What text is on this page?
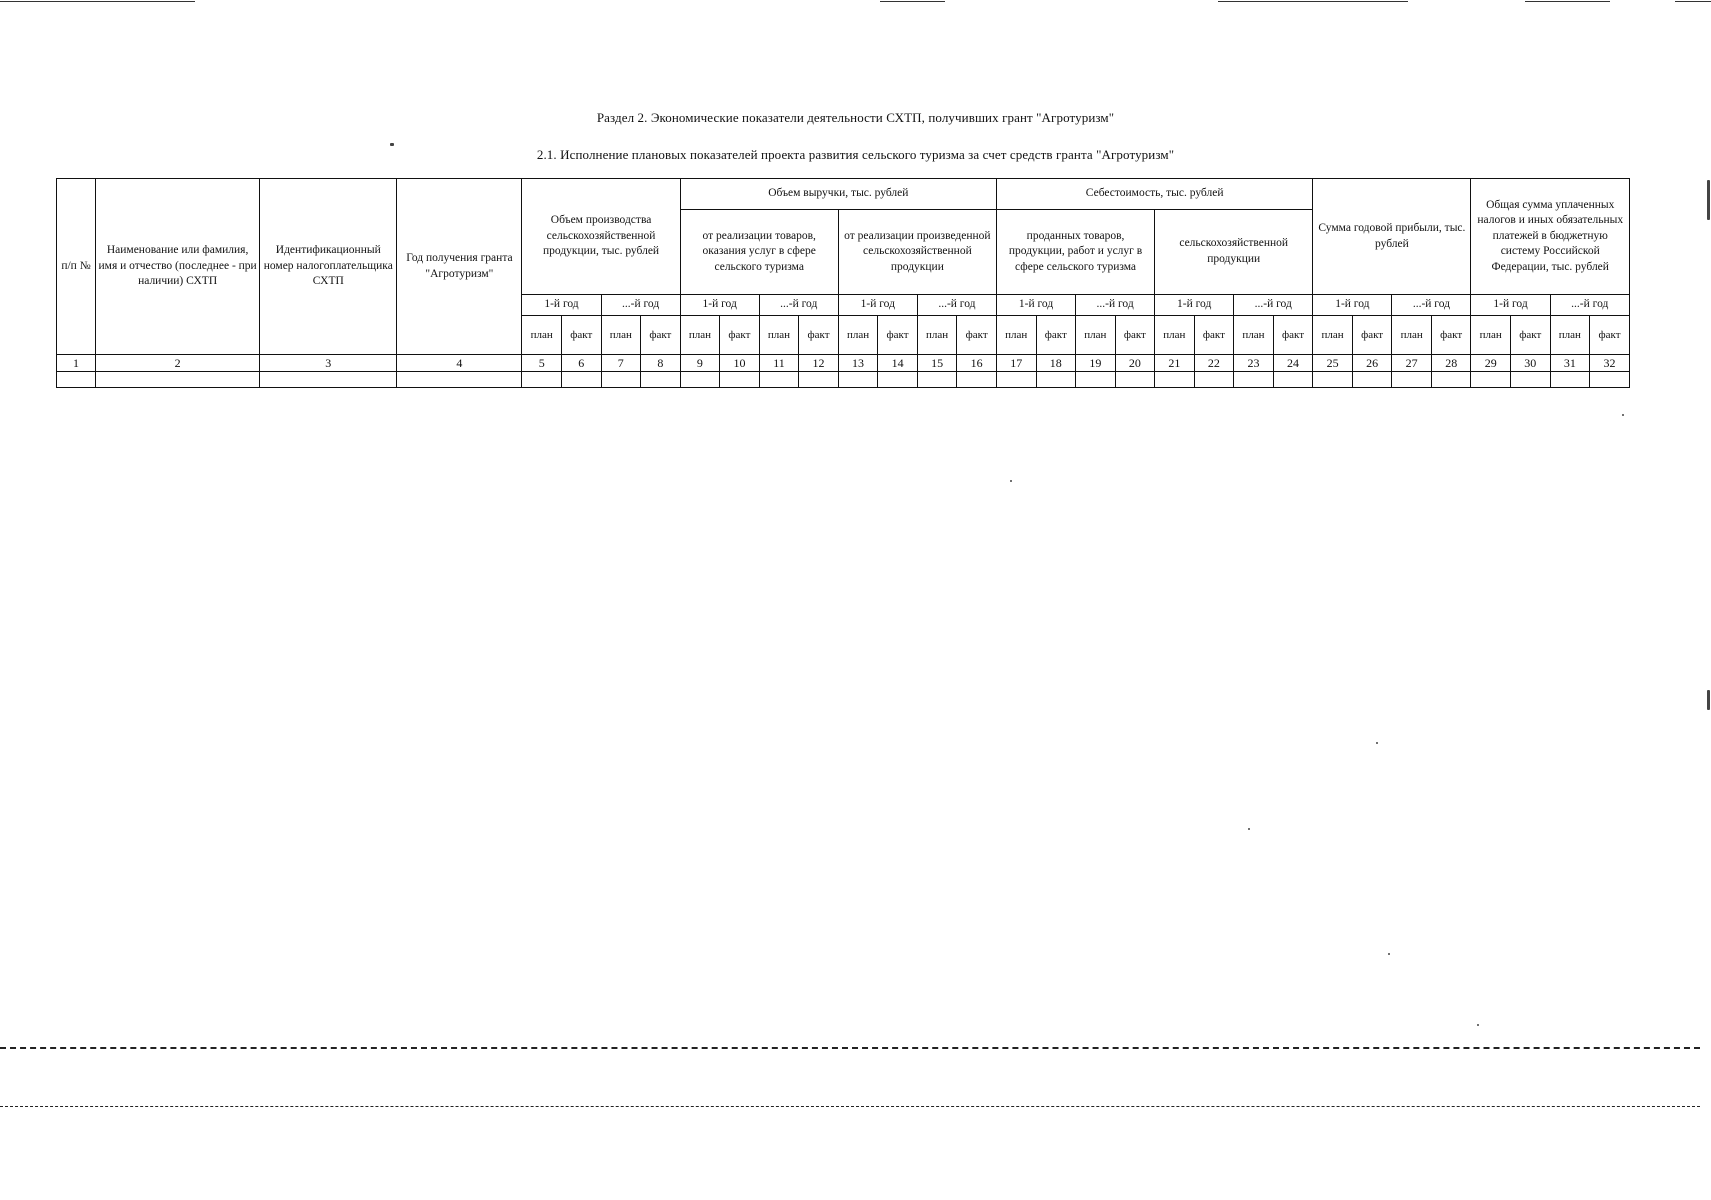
Раздел 2. Экономические показатели деятельности СХТП, получивших грант "Агротуризм"
2.1. Исполнение плановых показателей проекта развития сельского туризма за счет средств гранта "Агротуризм"
п/п №	Наименование или фамилия, имя и отчество (последнее - при наличии) СХТП	Идентификационный номер налогоплательщика СХТП	Год получения гранта "Агротуризм"	Объем производства сельскохозяйственной продукции, тыс. рублей				Объем выручки, тыс. рублей								Себестоимость, тыс. рублей								Сумма годовой прибыли, тыс. рублей				Общая сумма уплаченных налогов и иных обязательных платежей в бюджетную систему Российской Федерации, тыс. рублей			
								от реализации товаров, оказания услуг в сфере сельского туризма				от реализации произведенной сельскохозяйственной продукции				проданных товаров, продукции, работ и услуг в сфере сельского туризма				сельскохозяйственной продукции											
				1-й год		...-й год		1-й год		...-й год		1-й год		...-й год		1-й год		...-й год		1-й год		...-й год		1-й год		...-й год		1-й год		...-й год	
				план	факт	план	факт	план	факт	план	факт	план	факт	план	факт	план	факт	план	факт	план	факт	план	факт	план	факт	план	факт	план	факт	план	факт
1	2	3	4	5	6	7	8	9	10	11	12	13	14	15	16	17	18	19	20	21	22	23	24	25	26	27	28	29	30	31	32
